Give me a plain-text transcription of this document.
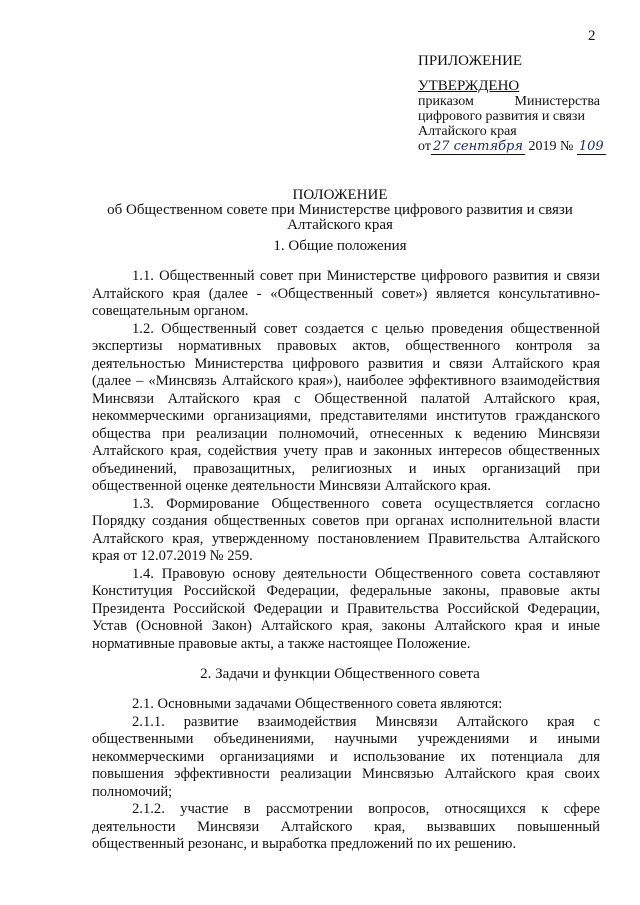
2
ПРИЛОЖЕНИЕ
УТВЕРЖДЕНО
приказом	Министерства
цифрового развития и связи
Алтайского края
от 27 сентября 2019 № 109
ПОЛОЖЕНИЕ
об Общественном совете при Министерстве цифрового развития и связи
Алтайского края
1. Общие положения

1.1. Общественный совет при Министерстве цифрового развития и связи Алтайского края (далее - «Общественный совет») является консультативно-совещательным органом.

1.2. Общественный совет создается с целью проведения общественной экспертизы нормативных правовых актов, общественного контроля за деятельностью Министерства цифрового развития и связи Алтайского края (далее – «Минсвязь Алтайского края»), наиболее эффективного взаимодействия Минсвязи Алтайского края с Общественной палатой Алтайского края, некоммерческими организациями, представителями институтов гражданского общества при реализации полномочий, отнесенных к ведению Минсвязи Алтайского края, содействия учету прав и законных интересов общественных объединений, правозащитных, религиозных и иных организаций при общественной оценке деятельности Минсвязи Алтайского края.

1.3. Формирование Общественного совета осуществляется согласно Порядку создания общественных советов при органах исполнительной власти Алтайского края, утвержденному постановлением Правительства Алтайского края от 12.07.2019 № 259.

1.4. Правовую основу деятельности Общественного совета составляют Конституция Российской Федерации, федеральные законы, правовые акты Президента Российской Федерации и Правительства Российской Федерации, Устав (Основной Закон) Алтайского края, законы Алтайского края и иные нормативные правовые акты, а также настоящее Положение.

2. Задачи и функции Общественного совета

2.1. Основными задачами Общественного совета являются:

2.1.1. развитие взаимодействия Минсвязи Алтайского края с общественными объединениями, научными учреждениями и иными некоммерческими организациями и использование их потенциала для повышения эффективности реализации Минсвязью Алтайского края своих полномочий;

2.1.2. участие в рассмотрении вопросов, относящихся к сфере деятельности Минсвязи Алтайского края, вызвавших повышенный общественный резонанс, и выработка предложений по их решению.
